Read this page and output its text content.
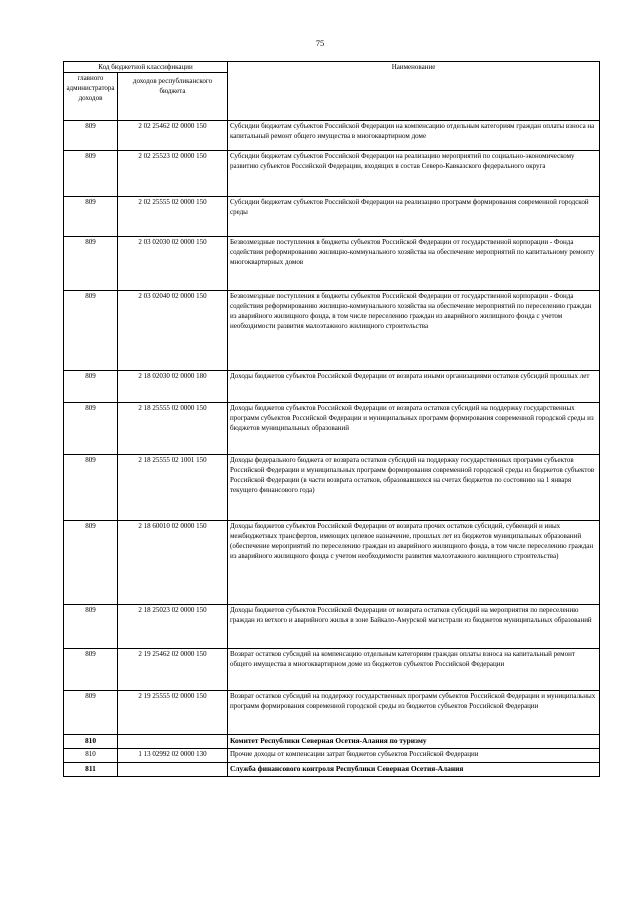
75
Код бюджетной классификации		Наименование
главного администратора доходов	доходов республиканского бюджета	
809	2 02 25462 02 0000 150	Субсидии бюджетам субъектов Российской Федерации на компенсацию отдельным категориям граждан оплаты взноса на капитальный ремонт общего имущества в многоквартирном доме
809	2 02 25523 02 0000 150	Субсидии бюджетам субъектов Российской Федерации на реализацию мероприятий по социально-экономическому развитию субъектов Российской Федерации, входящих в состав Северо-Кавказского федерального округа
809	2 02 25555 02 0000 150	Субсидии бюджетам субъектов Российской Федерации на реализацию программ формирования современной городской среды
809	2 03 02030 02 0000 150	Безвозмездные поступления в бюджеты субъектов Российской Федерации от государственной корпорации - Фонда содействия реформированию жилищно-коммунального хозяйства на обеспечение мероприятий по капитальному ремонту многоквартирных домов
809	2 03 02040 02 0000 150	Безвозмездные поступления в бюджеты субъектов Российской Федерации от государственной корпорации - Фонда содействия реформированию жилищно-коммунального хозяйства на обеспечение мероприятий по переселению граждан из аварийного жилищного фонда, в том числе переселению граждан из аварийного жилищного фонда с учетом необходимости развития малоэтажного жилищного строительства
809	2 18 02030 02 0000 180	Доходы бюджетов субъектов Российской Федерации от возврата иными организациями остатков субсидий прошлых лет
809	2 18 25555 02 0000 150	Доходы бюджетов субъектов Российской Федерации от возврата остатков субсидий на поддержку государственных программ субъектов Российской Федерации и муниципальных программ формирования современной городской среды из бюджетов муниципальных образований
809	2 18 25555 02 1001 150	Доходы федерального бюджета от возврата остатков субсидий на поддержку государственных программ субъектов Российской Федерации и муниципальных программ формирования современной городской среды из бюджетов субъектов Российской Федерации (в части возврата остатков, образовавшихся на счетах бюджетов по состоянию на 1 января текущего финансового года)
809	2 18 60010 02 0000 150	Доходы бюджетов субъектов Российской Федерации от возврата прочих остатков субсидий, субвенций и иных межбюджетных трансфертов, имеющих целевое назначение, прошлых лет из бюджетов муниципальных образований (обеспечение мероприятий по переселению граждан из аварийного жилищного фонда, в том числе переселению граждан из аварийного жилищного фонда с учетом необходимости развития малоэтажного жилищного строительства)
809	2 18 25023 02 0000 150	Доходы бюджетов субъектов Российской Федерации от возврата остатков субсидий на мероприятия по переселению граждан из ветхого и аварийного жилья в зоне Байкало-Амурской магистрали из бюджетов муниципальных образований
809	2 19 25462 02 0000 150	Возврат остатков субсидий на компенсацию отдельным категориям граждан оплаты взноса на капитальный ремонт общего имущества в многоквартирном доме из бюджетов субъектов Российской Федерации
809	2 19 25555 02 0000 150	Возврат остатков субсидий на поддержку государственных программ субъектов Российской Федерации и муниципальных программ формирования современной городской среды из бюджетов субъектов Российской Федерации
810		Комитет Республики Северная Осетия-Алания по туризму
810	1 13 02992 02 0000 130	Прочие доходы от компенсации затрат бюджетов субъектов Российской Федерации
811		Служба финансового контроля Республики Северная Осетия-Алания
